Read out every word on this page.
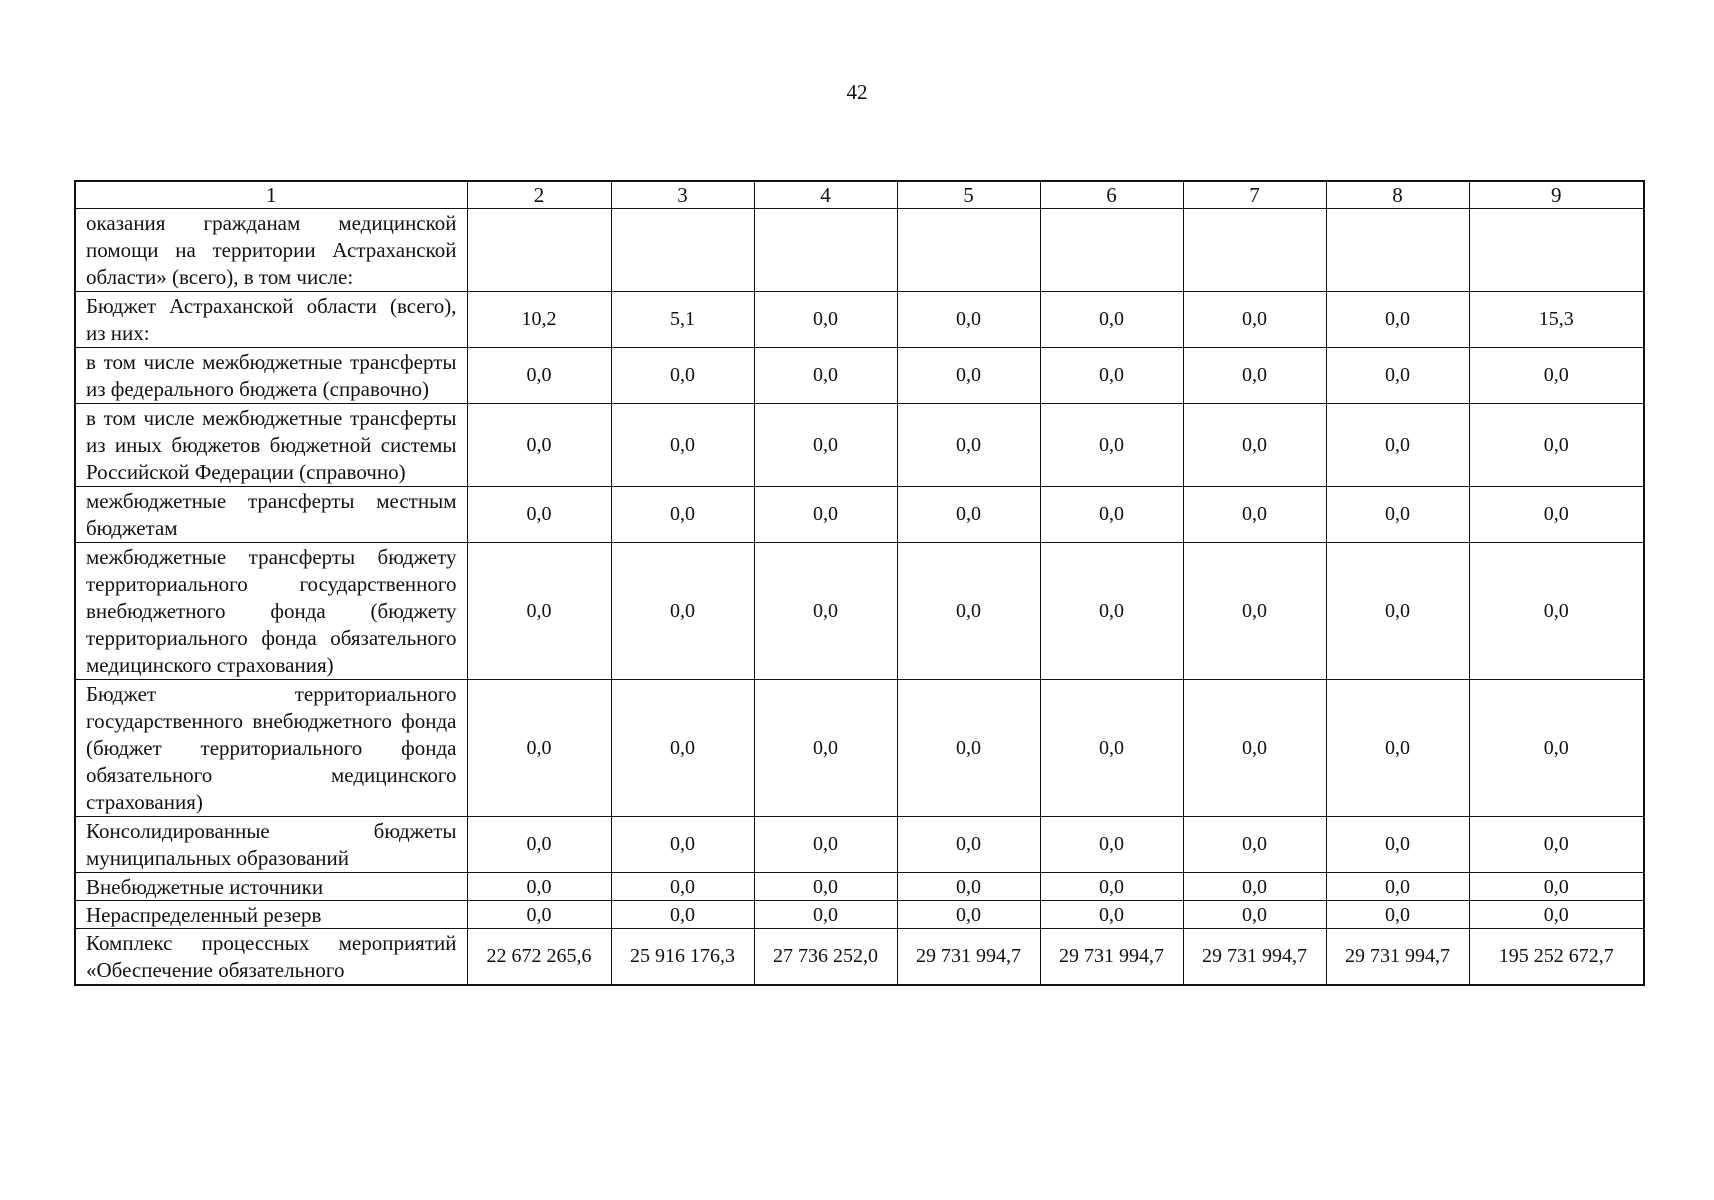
42
1	2	3	4	5	6	7	8	9
оказания гражданам медицинской помощи на территории Астраханской области» (всего), в том числе:								
Бюджет Астраханской области (всего), из них:	10,2	5,1	0,0	0,0	0,0	0,0	0,0	15,3
в том числе межбюджетные трансферты из федерального бюджета (справочно)	0,0	0,0	0,0	0,0	0,0	0,0	0,0	0,0
в том числе межбюджетные трансферты из иных бюджетов бюджетной системы Российской Федерации (справочно)	0,0	0,0	0,0	0,0	0,0	0,0	0,0	0,0
межбюджетные трансферты местным бюджетам	0,0	0,0	0,0	0,0	0,0	0,0	0,0	0,0
межбюджетные трансферты бюджету территориального государственного внебюджетного фонда (бюджету территориального фонда обязательного медицинского страхования)	0,0	0,0	0,0	0,0	0,0	0,0	0,0	0,0
Бюджет территориального государственного внебюджетного фонда (бюджет территориального фонда обязательного медицинского страхования)	0,0	0,0	0,0	0,0	0,0	0,0	0,0	0,0
Консолидированные бюджеты муниципальных образований	0,0	0,0	0,0	0,0	0,0	0,0	0,0	0,0
Внебюджетные источники	0,0	0,0	0,0	0,0	0,0	0,0	0,0	0,0
Нераспределенный резерв	0,0	0,0	0,0	0,0	0,0	0,0	0,0	0,0
Комплекс процессных мероприятий «Обеспечение обязательного	22 672 265,6	25 916 176,3	27 736 252,0	29 731 994,7	29 731 994,7	29 731 994,7	29 731 994,7	195 252 672,7
